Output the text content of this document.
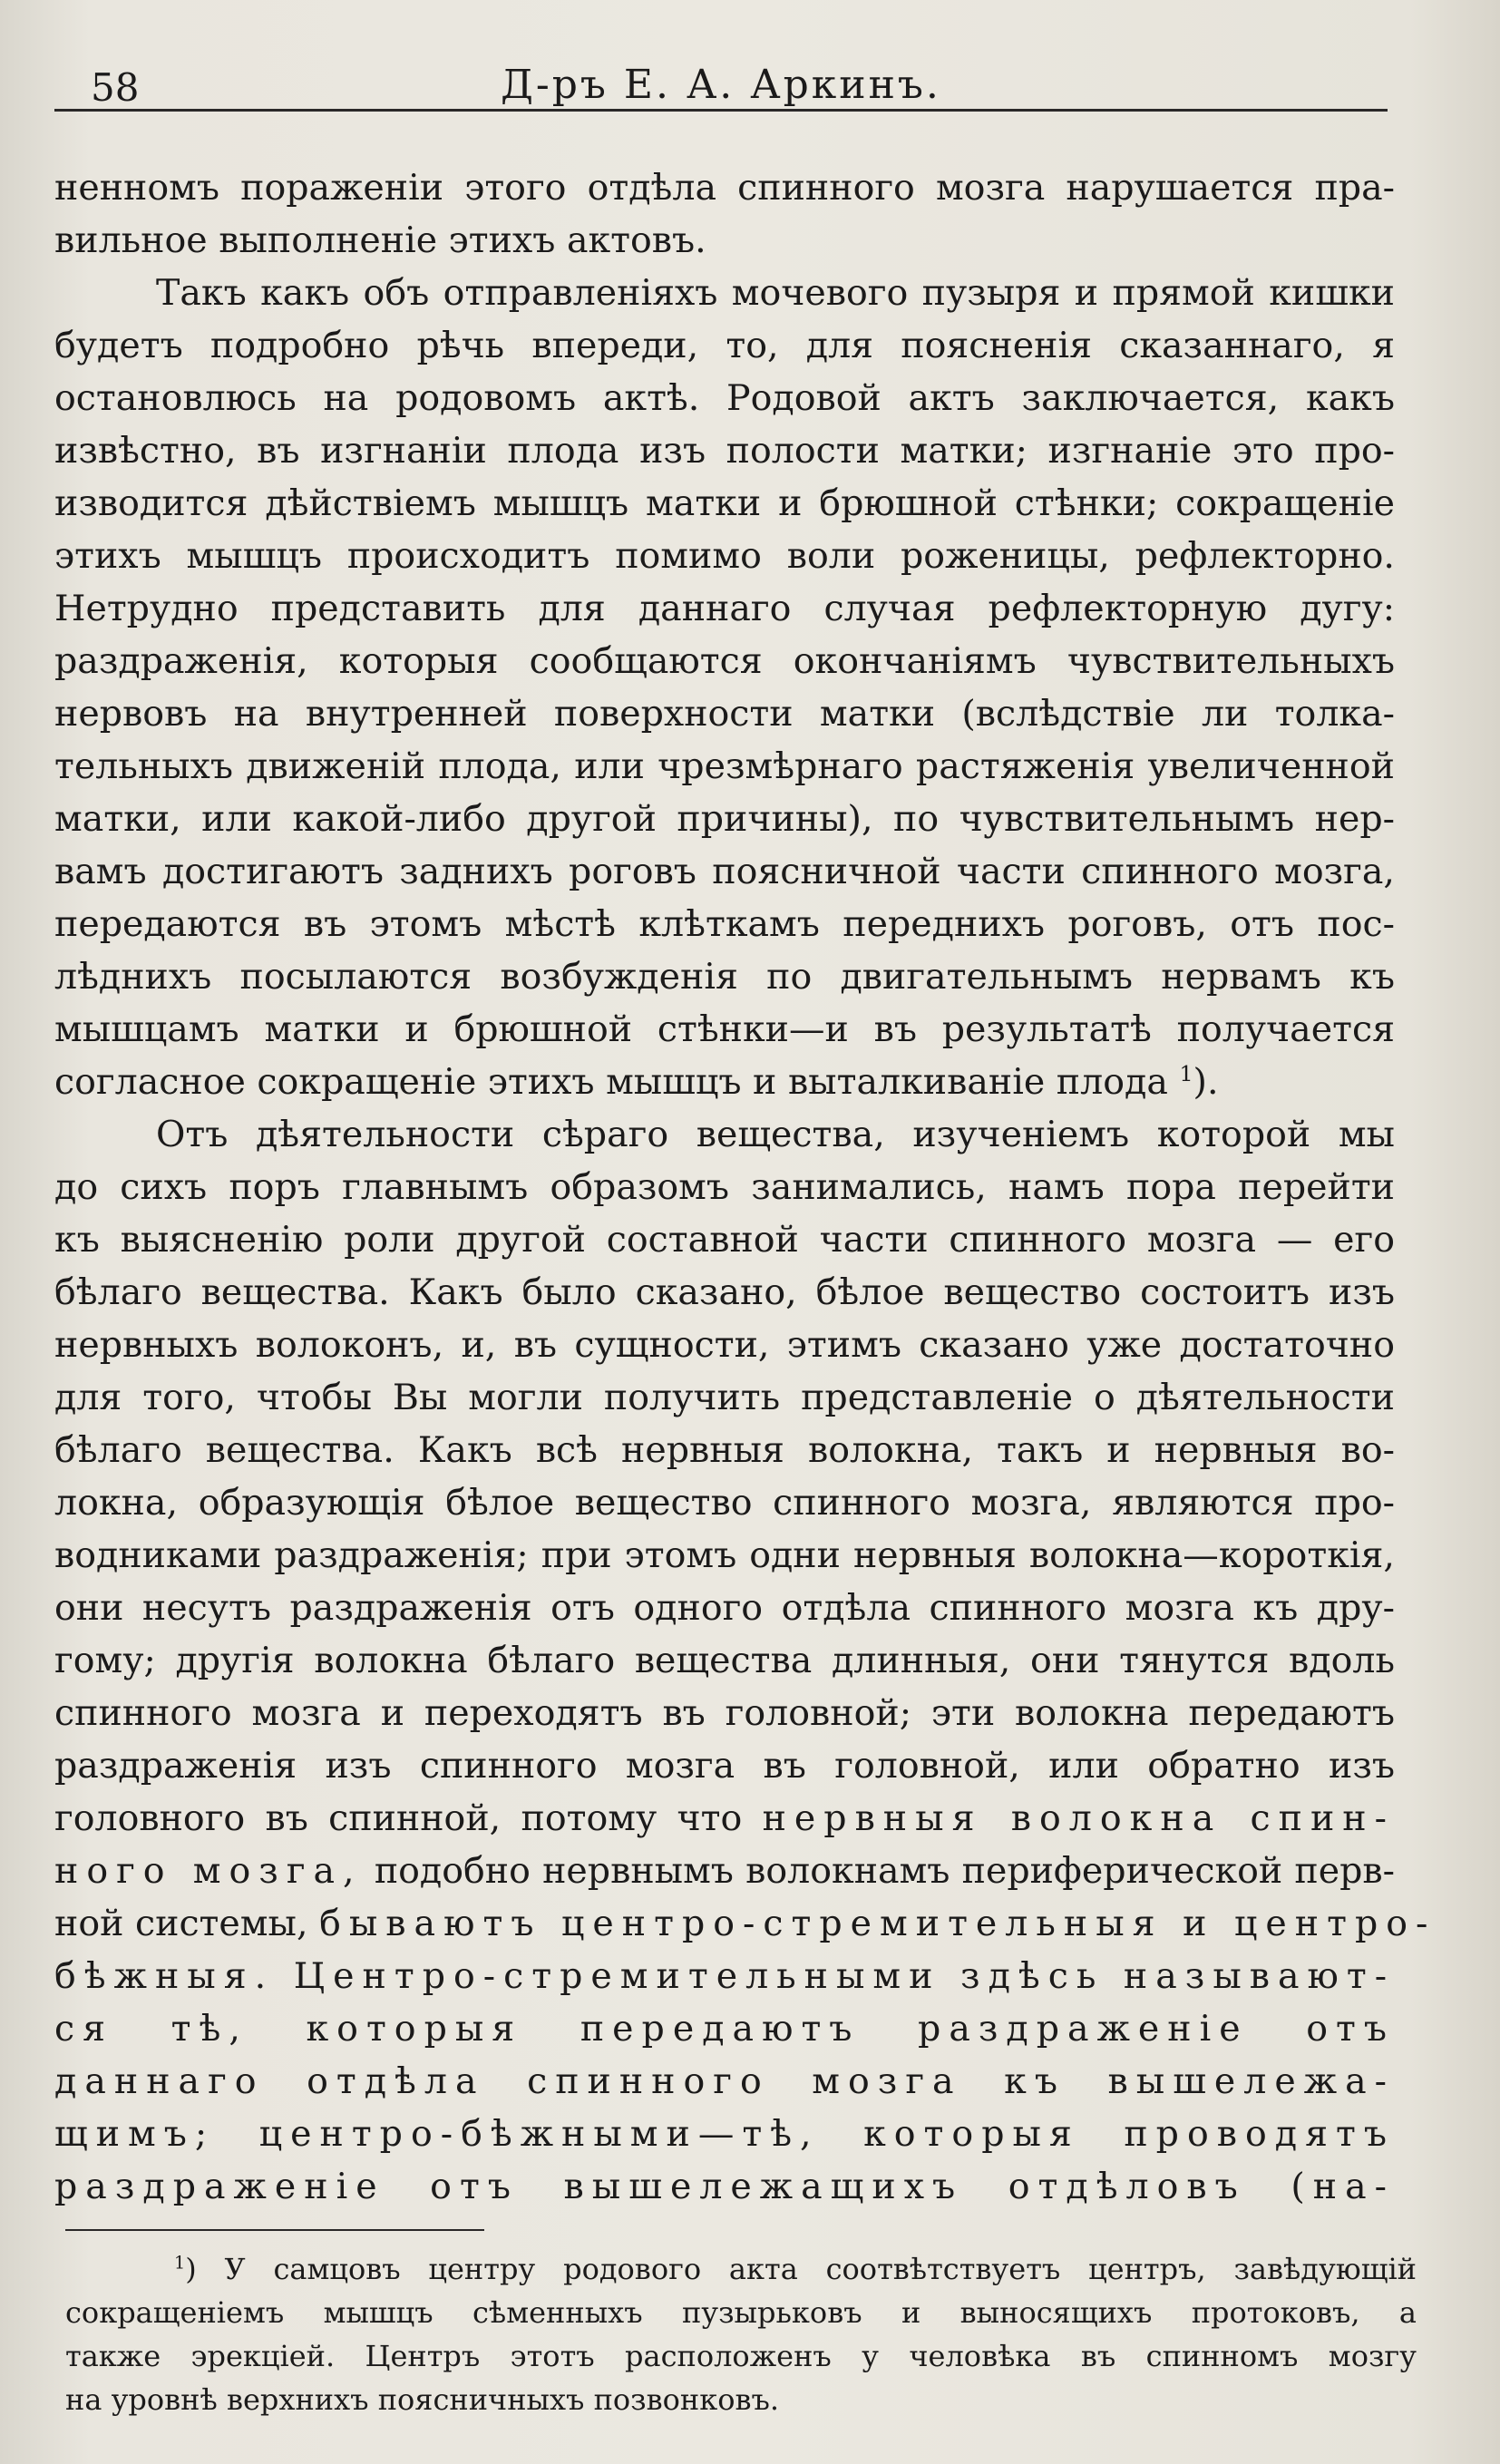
58	Д-ръ Е. А. Аркинъ.
ненномъ пораженіи этого отдѣла спинного мозга нарушается пра-
вильное выполненіе этихъ актовъ.
Такъ какъ объ отправленіяхъ мочевого пузыря и прямой кишки
будетъ подробно рѣчь впереди, то, для поясненія сказаннаго, я
остановлюсь на родовомъ актѣ. Родовой актъ заключается, какъ
извѣстно, въ изгнаніи плода изъ полости матки; изгнаніе это про-
изводится дѣйствіемъ мышцъ матки и брюшной стѣнки; сокращеніе
этихъ мышцъ происходитъ помимо воли роженицы, рефлекторно.
Нетрудно представить для даннаго случая рефлекторную дугу:
раздраженія, которыя сообщаются окончаніямъ чувствительныхъ
нервовъ на внутренней поверхности матки (вслѣдствіе ли толка-
тельныхъ движеній плода, или чрезмѣрнаго растяженія увеличенной
матки, или какой-либо другой причины), по чувствительнымъ нер-
вамъ достигаютъ заднихъ роговъ поясничной части спинного мозга,
передаются въ этомъ мѣстѣ клѣткамъ переднихъ роговъ, отъ пос-
лѣднихъ посылаются возбужденія по двигательнымъ нервамъ къ
мышцамъ матки и брюшной стѣнки—и въ результатѣ получается
согласное сокращеніе этихъ мышцъ и выталкиваніе плода $^1$).
Отъ дѣятельности сѣраго вещества, изученіемъ которой мы
до сихъ поръ главнымъ образомъ занимались, намъ пора перейти
къ выясненію роли другой составной части спинного мозга — его
бѣлаго вещества. Какъ было сказано, бѣлое вещество состоитъ изъ
нервныхъ волоконъ, и, въ сущности, этимъ сказано уже достаточно
для того, чтобы Вы могли получить представленіе о дѣятельности
бѣлаго вещества. Какъ всѣ нервныя волокна, такъ и нервныя во-
локна, образующія бѣлое вещество спинного мозга, являются про-
водниками раздраженія; при этомъ одни нервныя волокна—короткія,
они несутъ раздраженія отъ одного отдѣла спинного мозга къ дру-
гому; другія волокна бѣлаго вещества длинныя, они тянутся вдоль
спинного мозга и переходятъ въ головной; эти волокна передаютъ
раздраженія изъ спинного мозга въ головной, или обратно изъ
головного въ спинной, потому что нервныя волокна спин-
ного мозга, подобно нервнымъ волокнамъ периферической перв-
ной системы, бываютъ центро-стремительныя и центро-
бѣжныя. Центро-стремительными здѣсь называют-
ся тѣ, которыя передаютъ раздраженіе отъ
даннаго отдѣла спинного мозга къ вышележа-
щимъ; центро-бѣжными—тѣ, которыя проводятъ
раздраженіе отъ вышележащихъ отдѣловъ (на-
$^1$) У самцовъ центру родового акта соотвѣтствуетъ центръ, завѣдующій
сокращеніемъ мышцъ сѣменныхъ пузырьковъ и выносящихъ протоковъ, а
также эрекціей. Центръ этотъ расположенъ у человѣка въ спинномъ мозгу
на уровнѣ верхнихъ поясничныхъ позвонковъ.
